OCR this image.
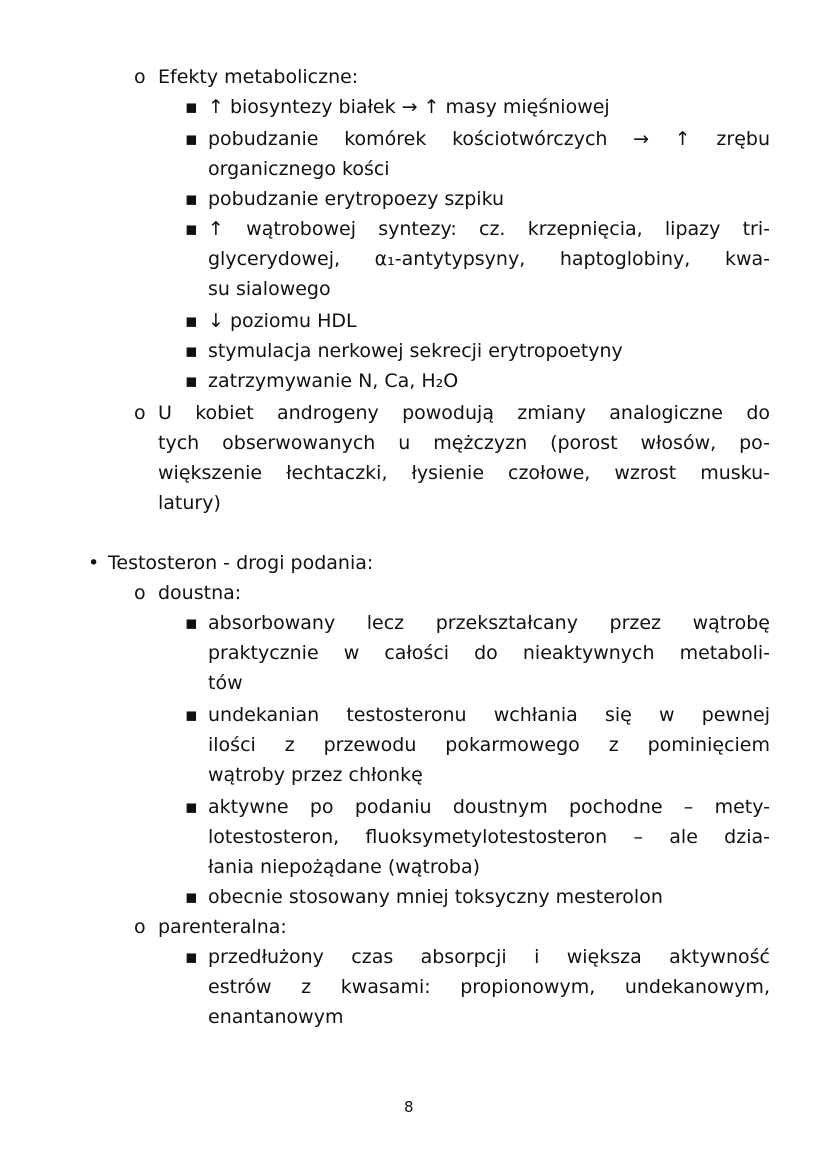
o Efekty metaboliczne:
▪ ↑ biosyntezy białek → ↑ masy mięśniowej
▪ pobudzanie komórek kościotwórczych → ↑ zrębu
organicznego kości
▪ pobudzanie erytropoezy szpiku
▪ ↑ wątrobowej syntezy: cz. krzepnięcia, lipazy tri-
glycerydowej, α₁-antytypsyny, haptoglobiny, kwa-
su sialowego
▪ ↓ poziomu HDL
▪ stymulacja nerkowej sekrecji erytropoetyny
▪ zatrzymywanie N, Ca, H₂O
o U kobiet androgeny powodują zmiany analogiczne do
tych obserwowanych u mężczyzn (porost włosów, po-
większenie łechtaczki, łysienie czołowe, wzrost musku-
latury)
• Testosteron - drogi podania:
o doustna:
▪ absorbowany lecz przekształcany przez wątrobę
praktycznie w całości do nieaktywnych metaboli-
tów
▪ undekanian testosteronu wchłania się w pewnej
ilości z przewodu pokarmowego z pominięciem
wątroby przez chłonkę
▪ aktywne po podaniu doustnym pochodne – mety-
lotestosteron, fluoksymetylotestosteron – ale dzia-
łania niepożądane (wątroba)
▪ obecnie stosowany mniej toksyczny mesterolon
o parenteralna:
▪ przedłużony czas absorpcji i większa aktywność
estrów z kwasami: propionowym, undekanowym,
enantanowym
8
